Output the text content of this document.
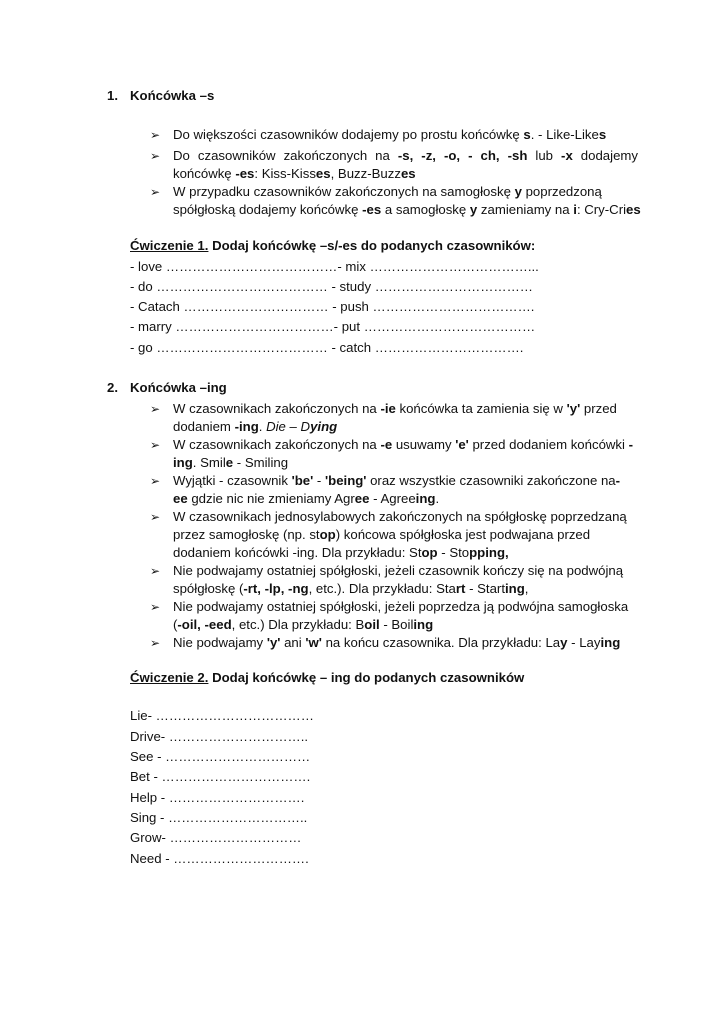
1. Końcówka –s
➢ Do większości czasowników dodajemy po prostu końcówkę s. - Like-Likes
➢ Do czasowników zakończonych na -s, -z, -o, - ch, -sh lub -x dodajemy
końcówkę -es: Kiss-Kisses, Buzz-Buzzes
➢ W przypadku czasowników zakończonych na samogłoskę y poprzedzoną
spółgłoską dodajemy końcówkę -es a samogłoskę y zamieniamy na i: Cry-Cries
Ćwiczenie 1. Dodaj końcówkę –s/-es do podanych czasowników:
- love …………………………………- mix ………………………………...
- do ………………………………… - study ………………………………
- Catach …………………………… - push ……………………………….
- marry ………………………………- put …………………………………
- go ………………………………… - catch …………………………….
2. Końcówka –ing
➢ W czasownikach zakończonych na -ie końcówka ta zamienia się w 'y' przed
dodaniem -ing. Die – Dying
➢ W czasownikach zakończonych na -e usuwamy 'e' przed dodaniem końcówki -
ing. Smile - Smiling
➢ Wyjątki - czasownik 'be' - 'being' oraz wszystkie czasowniki zakończone na-
ee gdzie nic nie zmieniamy Agree - Agreeing.
➢ W czasownikach jednosylabowych zakończonych na spółgłoskę poprzedzaną
przez samogłoskę (np. stop) końcowa spółgłoska jest podwajana przed
dodaniem końcówki -ing. Dla przykładu: Stop - Stopping,
➢ Nie podwajamy ostatniej spółgłoski, jeżeli czasownik kończy się na podwójną
spółgłoskę (-rt, -lp, -ng, etc.). Dla przykładu: Start - Starting,
➢ Nie podwajamy ostatniej spółgłoski, jeżeli poprzedza ją podwójna samogłoska
(-oil, -eed, etc.) Dla przykładu: Boil - Boiling
➢ Nie podwajamy 'y' ani 'w' na końcu czasownika. Dla przykładu: Lay - Laying
Ćwiczenie 2. Dodaj końcówkę – ing do podanych czasowników
Lie- ………………………………
Drive- …………………………..
See - ……………………………
Bet - …………………………….
Help - ………………………….
Sing - …………………………..
Grow- …………………………
Need - ………………………….
